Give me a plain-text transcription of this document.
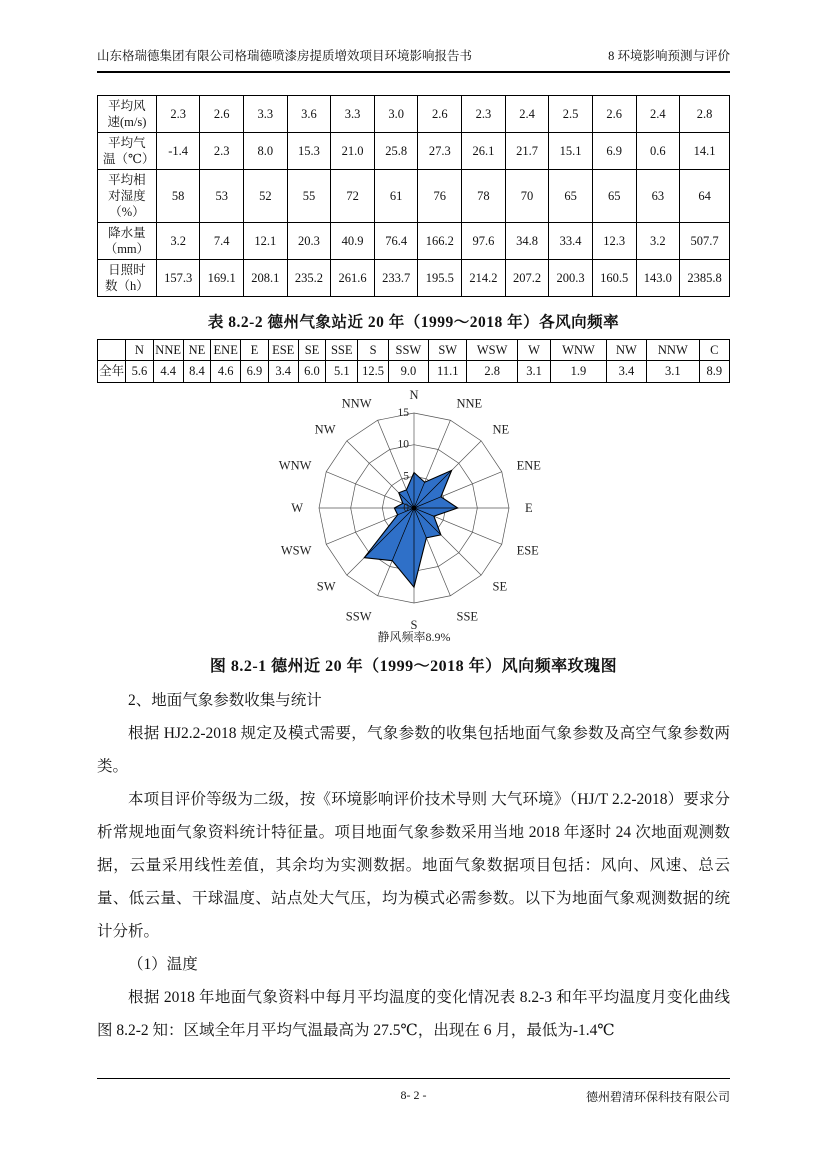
山东格瑞德集团有限公司格瑞德喷漆房提质增效项目环境影响报告书	8 环境影响预测与评价
平均风速(m/s)	2.3	2.6	3.3	3.6	3.3	3.0	2.6	2.3	2.4	2.5	2.6	2.4	2.8
平均气温（℃）	-1.4	2.3	8.0	15.3	21.0	25.8	27.3	26.1	21.7	15.1	6.9	0.6	14.1
平均相对湿度（%）	58	53	52	55	72	61	76	78	70	65	65	63	64
降水量（mm）	3.2	7.4	12.1	20.3	40.9	76.4	166.2	97.6	34.8	33.4	12.3	3.2	507.7
日照时数（h）	157.3	169.1	208.1	235.2	261.6	233.7	195.5	214.2	207.2	200.3	160.5	143.0	2385.8
表 8.2-2 德州气象站近 20 年（1999～2018 年）各风向频率
	N	NNE	NE	ENE	E	ESE	SE	SSE	S	SSW	SW	WSW	W	WNW	NW	NNW	C
全年	5.6	4.4	8.4	4.6	6.9	3.4	6.0	5.1	12.5	9.0	11.1	2.8	3.1	1.9	3.4	3.1	8.9
N
NNE
NE
ENE
E
ESE
SE
SSE
S
SSW
SW
WSW
W
WNW
NW
NNW
0
5
10
15
静风频率8.9%
图 8.2-1 德州近 20 年（1999～2018 年）风向频率玫瑰图

2、地面气象参数收集与统计

根据 HJ2.2-2018 规定及模式需要，气象参数的收集包括地面气象参数及高空气象参数两类。

本项目评价等级为二级，按《环境影响评价技术导则 大气环境》（HJ/T 2.2-2018）要求分析常规地面气象资料统计特征量。项目地面气象参数采用当地 2018 年逐时 24 次地面观测数据，云量采用线性差值，其余均为实测数据。地面气象数据项目包括：风向、风速、总云量、低云量、干球温度、站点处大气压，均为模式必需参数。以下为地面气象观测数据的统计分析。

（1）温度

根据 2018 年地面气象资料中每月平均温度的变化情况表 8.2-3 和年平均温度月变化曲线图 8.2-2 知：区域全年月平均气温最高为 27.5℃，出现在 6 月，最低为-1.4℃

8- 2 -	德州碧清环保科技有限公司
